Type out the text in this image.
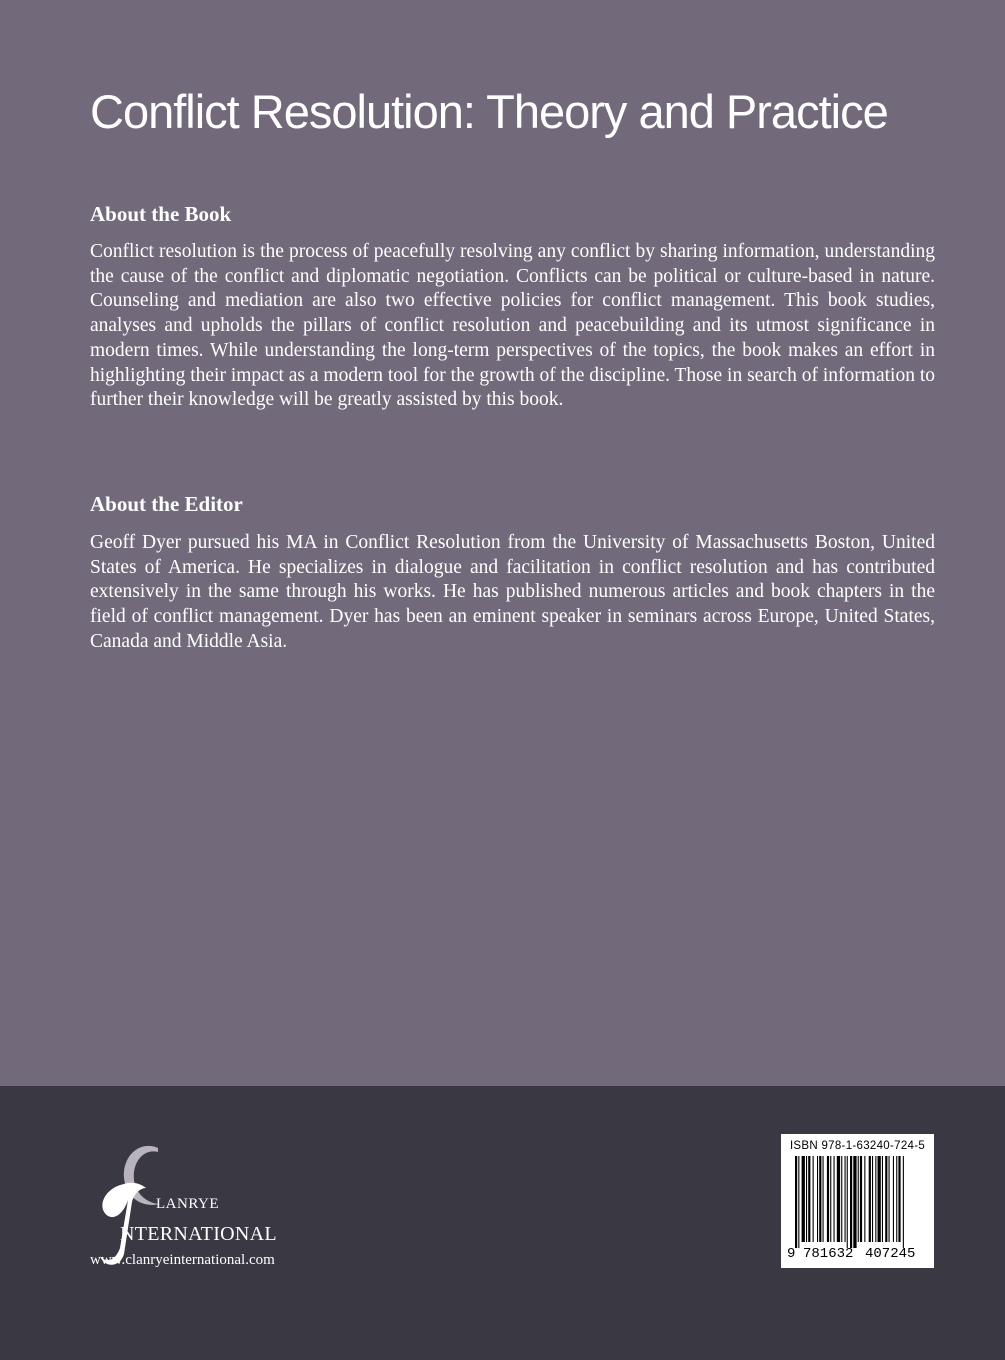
Conflict Resolution: Theory and Practice
About the Book

Conflict resolution is the process of peacefully resolving any conflict by sharing information, understanding the cause of the conflict and diplomatic negotiation. Conflicts can be political or culture-based in nature. Counseling and mediation are also two effective policies for conflict management. This book studies, analyses and upholds the pillars of conflict resolution and peacebuilding and its utmost significance in modern times. While understanding the long-term perspectives of the topics, the book makes an effort in highlighting their impact as a modern tool for the growth of the discipline. Those in search of information to further their knowledge will be greatly assisted by this book.

About the Editor

Geoff Dyer pursued his MA in Conflict Resolution from the University of Massachusetts Boston, United States of America. He specializes in dialogue and facilitation in conflict resolution and has contributed extensively in the same through his works. He has published numerous articles and book chapters in the field of conflict management. Dyer has been an eminent speaker in seminars across Europe, United States, Canada and Middle Asia.

LANRYE
NTERNATIONAL
www.clanryeinternational.com
ISBN 978-1-63240-724-5
9 781632 407245
